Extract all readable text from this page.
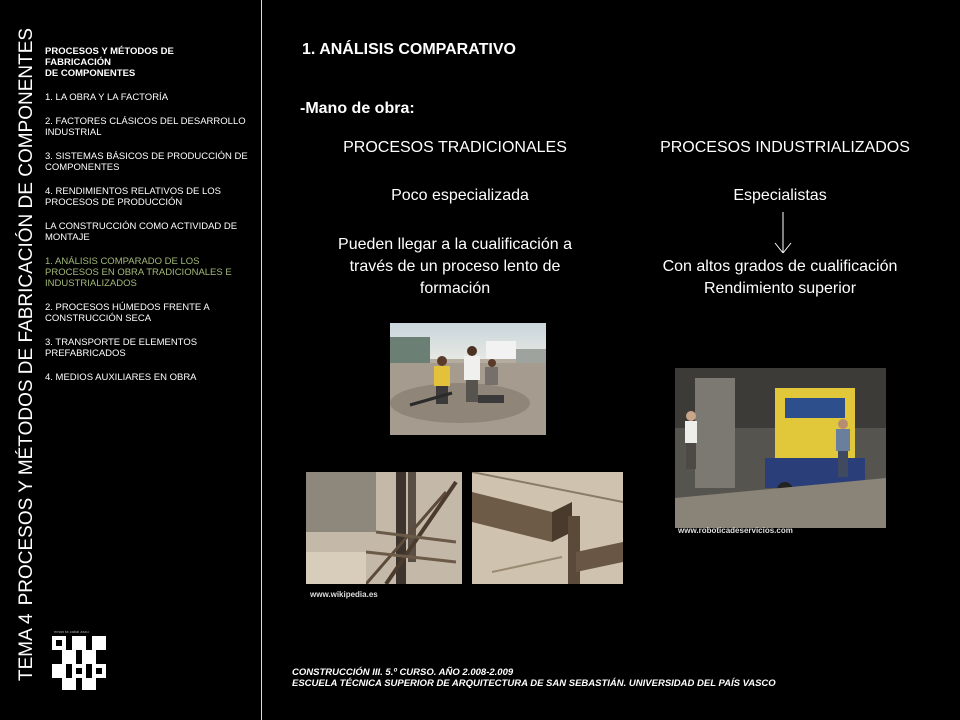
TEMA 4PROCESOS Y MÉTODOS DE FABRICACIÓN DE COMPONENTES PROCESOS Y MÉTODOS DE
FABRICACIÓN
DE COMPONENTES
1. LA OBRA Y LA FACTORÍA
2. FACTORES CLÁSICOS DEL DESARROLLO INDUSTRIAL
3. SISTEMAS BÁSICOS DE PRODUCCIÓN DE COMPONENTES
4. RENDIMIENTOS RELATIVOS DE LOS PROCESOS DE PRODUCCIÓN
LA CONSTRUCCIÓN COMO ACTIVIDAD DE MONTAJE
1. ANÁLISIS COMPARADO DE LOS PROCESOS EN OBRA TRADICIONALES E INDUSTRIALIZADOS
2. PROCESOS HÚMEDOS FRENTE A CONSTRUCCIÓN SECA
3. TRANSPORTE DE ELEMENTOS PREFABRICADOS
4. MEDIOS AUXILIARES EN OBRA
eman ta zabal zazu
1. ANÁLISIS COMPARATIVO
-Mano de obra:
PROCESOS TRADICIONALES	PROCESOS INDUSTRIALIZADOS
Poco especializada	Especialistas
Pueden llegar a la cualificación a
través de un proceso lento de
formación
Con altos grados de cualificación
Rendimiento superior
www.wikipedia.es
www.roboticadeservicios.com
CONSTRUCCIÓN III. 5.º CURSO. AÑO 2.008-2.009
ESCUELA TÉCNICA SUPERIOR DE ARQUITECTURA DE SAN SEBASTIÁN. UNIVERSIDAD DEL PAÍS VASCO
